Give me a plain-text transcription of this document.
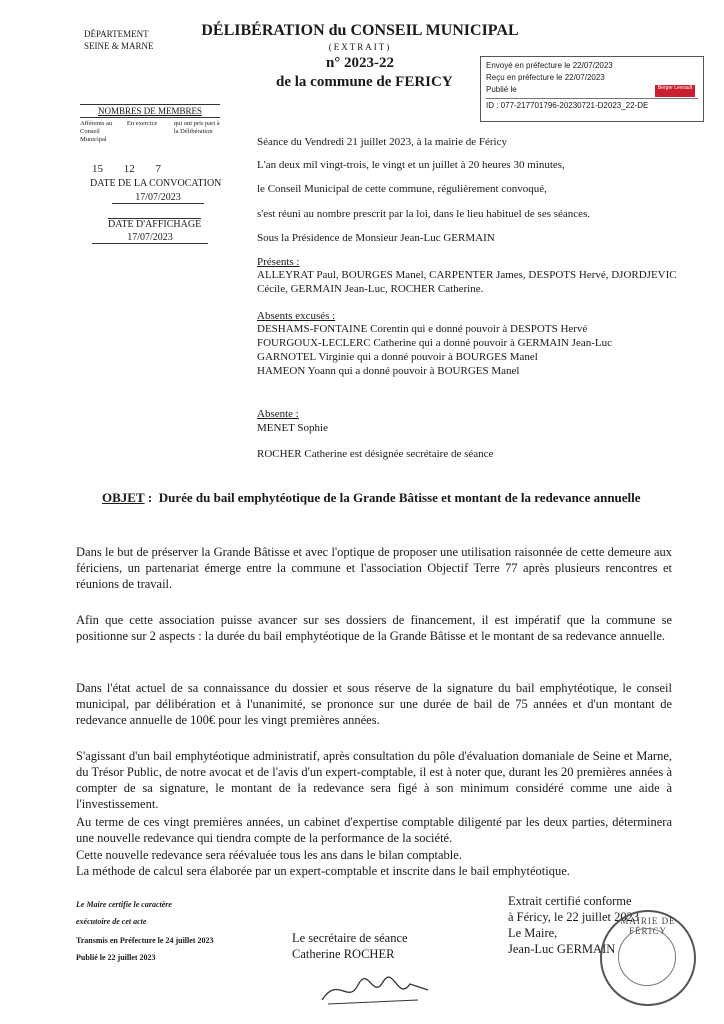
DÉPARTEMENT
SEINE & MARNE
DÉLIBÉRATION du CONSEIL MUNICIPAL
(EXTRAIT)
n° 2023-22
de la commune de FERICY
Envoyé en préfecture le 22/07/2023
Reçu en préfecture le 22/07/2023
Publié le
ID : 077-217701796-20230721-D2023_22-DE
Berger Levrault
NOMBRES DE MEMBRES
Afférents au Conseil Municipal
En exercice	qui ont pris part à la Délibération
15 12 7
DATE DE LA CONVOCATION
17/07/2023
DATE D'AFFICHAGE
17/07/2023
Séance du Vendredi 21 juillet 2023, à la mairie de Féricy
L'an deux mil vingt-trois, le vingt et un juillet à 20 heures 30 minutes,
le Conseil Municipal de cette commune, régulièrement convoqué,
s'est réuni au nombre prescrit par la loi, dans le lieu habituel de ses séances.
Sous la Présidence de Monsieur Jean-Luc GERMAIN
Présents :
ALLEYRAT Paul, BOURGES Manel, CARPENTER James, DESPOTS Hervé, DJORDJEVIC Cécile, GERMAIN Jean-Luc, ROCHER Catherine.
Absents excusés :
DESHAMS-FONTAINE Corentin qui e donné pouvoir à DESPOTS Hervé
FOURGOUX-LECLERC Catherine qui a donné pouvoir à GERMAIN Jean-Luc
GARNOTEL Virginie qui a donné pouvoir à BOURGES Manel
HAMEON Yoann qui a donné pouvoir à BOURGES Manel
Absente :
MENET Sophie
ROCHER Catherine est désignée secrétaire de séance
OBJET :  Durée du bail emphytéotique de la Grande Bâtisse et montant de la redevance annuelle
Dans le but de préserver la Grande Bâtisse et avec l'optique de proposer une utilisation raisonnée de cette demeure aux fériciens, un partenariat émerge entre la commune et l'association Objectif Terre 77 après plusieurs rencontres et réunions de travail.
Afin que cette association puisse avancer sur ses dossiers de financement, il est impératif que la commune se positionne sur 2 aspects : la durée du bail emphytéotique de la Grande Bâtisse et le montant de sa redevance annuelle.
Dans l'état actuel de sa connaissance du dossier et sous réserve de la signature du bail emphytéotique, le conseil municipal, par délibération et à l'unanimité, se prononce sur une durée de bail de 75 années et d'un montant de redevance annuelle de 100€ pour les vingt premières années.
S'agissant d'un bail emphytéotique administratif, après consultation du pôle d'évaluation domaniale de Seine et Marne, du Trésor Public, de notre avocat et de l'avis d'un expert-comptable, il est à noter que, durant les 20 premières années à compter de sa signature, le montant de la redevance sera figé à son minimum considéré comme une aide à l'investissement.
Au terme de ces vingt premières années, un cabinet d'expertise comptable diligenté par les deux parties, déterminera une nouvelle redevance qui tiendra compte de la performance de la société.
Cette nouvelle redevance sera réévaluée tous les ans dans le bilan comptable.
La méthode de calcul sera élaborée par un expert-comptable et inscrite dans le bail emphytéotique.
Le Maire certifie le caractère
exécutoire de cet acte
Transmis en Préfecture le 24 juillet 2023
Publié le 22 juillet 2023
Le secrétaire de séance
Catherine ROCHER
Extrait certifié conforme
à Féricy, le 22 juillet 2023
Le Maire,
Jean-Luc GERMAIN
MAIRIE DE FÉRICY
